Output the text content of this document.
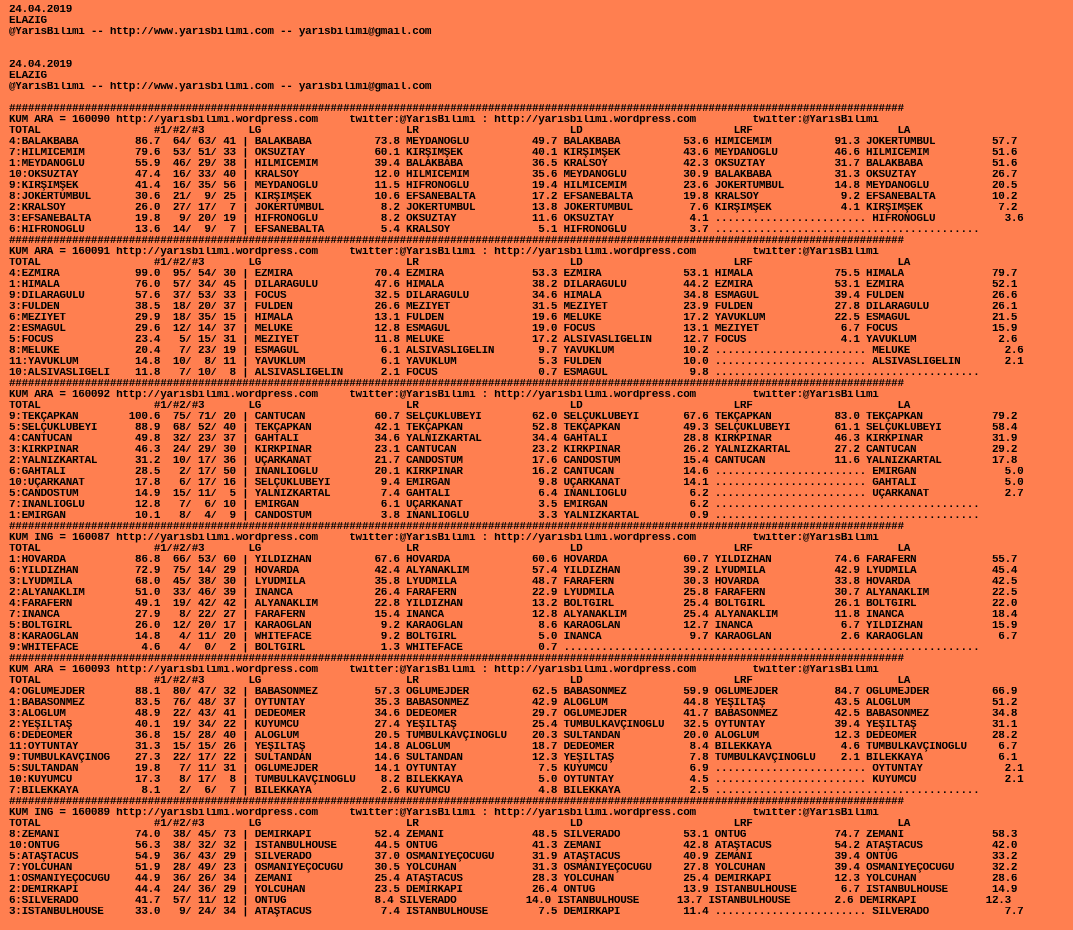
24.04.2019
ELAZIG
@YarisBilimi -- http://www.yarisbilimi.com -- yarisbilimi@gmail.com
24.04.2019
ELAZIG
@YarisBilimi -- http://www.yarisbilimi.com -- yarisbilimi@gmail.com
##############################################################################################################################################
KUM ARA = 160090 http://yarisbilimi.wordpress.com     twitter:@YarisBilimi : http://yarisbilimi.wordpress.com         twitter:@YarisBilimi
TOTAL                  #1/#2/#3       LG                       LR                        LD                        LRF                       LA
4:BALAKBABA         86.7  64/ 63/ 41 | BALAKBABA          73.8 MEYDANOĞLU          49.7 BALAKBABA          53.6 HİMİCEMİM          91.3 JOKERTUMBUL         57.7
7:HİLMİCEMİM        79.6  53/ 51/ 33 | OKSÜZTAY           60.1 KIRŞIMŞEK           40.1 KIRŞIMŞEK          43.6 MEYDANOĞLU         46.6 HİLMİCEMİM          51.6
1:MEYDANOĞLU        55.9  46/ 29/ 38 | HİLMİCEMİM         39.4 BALAKBABA           36.5 KRALSOY            42.3 OKSÜZTAY           31.7 BALAKBABA           51.6
10:OKSÜZTAY         47.4  16/ 33/ 40 | KRALSOY            12.0 HİLMİCEMİM          35.6 MEYDANOĞLU         30.9 BALAKBABA          31.3 OKSÜZTAY            26.7
9:KIRŞIMŞEK         41.4  16/ 35/ 56 | MEYDANOĞLU         11.5 HİFRONOĞLU          19.4 HİLMİCEMİM         23.6 JOKERTUMBUL        14.8 MEYDANOĞLU          20.5
8:JOKERTUMBUL       30.6  21/  9/ 25 | KIRŞIMŞEK          10.6 EFSANEBALTA         17.2 EFSANEBALTA        19.8 KRALSOY             9.2 EFSANEBALTA         10.2
2:KRALSOY           26.0  27/ 17/  7 | JOKERTUMBUL         8.2 JOKERTUMBUL         13.8 JOKERTUMBUL         7.6 KIRŞIMŞEK           4.1 KIRŞIMŞEK            7.2
3:EFSANEBALTA       19.8   9/ 20/ 19 | HİFRONOĞLU          8.2 OKSÜZTAY            11.6 OKSÜZTAY            4.1 ........................ HİFRONOĞLU           3.6
6:HİFRONOĞLU        13.6  14/  9/  7 | EFSANEBALTA         5.4 KRALSOY              5.1 HİFRONOĞLU          3.7 ..........................................
##############################################################################################################################################
KUM ARA = 160091 http://yarisbilimi.wordpress.com     twitter:@YarisBilimi : http://yarisbilimi.wordpress.com         twitter:@YarisBilimi
TOTAL                  #1/#2/#3       LG                       LR                        LD                        LRF                       LA
4:EZMİRA            99.0  95/ 54/ 30 | EZMİRA             70.4 EZMİRA              53.3 EZMİRA             53.1 HİMALA             75.5 HİMALA              79.7
1:HİMALA            76.0  57/ 34/ 45 | DİLARAGÜLÜ         47.6 HİMALA              38.2 DİLARAGÜLÜ         44.2 EZMİRA             53.1 EZMİRA              52.1
9:DİLARAGÜLÜ        57.6  37/ 53/ 33 | FOCUS              32.5 DİLARAGÜLÜ          34.6 HİMALA             34.8 ESMAGUL            39.4 FULDEN              26.6
3:FULDEN            38.5  18/ 20/ 37 | FULDEN             26.6 MEZİYET             31.5 MEZİYET            23.9 FULDEN             27.8 DİLARAGÜLÜ          26.1
6:MEZİYET           29.9  18/ 35/ 15 | HİMALA             13.1 FULDEN              19.6 MELUKE             17.2 YAVUKLUM           22.5 ESMAGUL             21.5
2:ESMAGUL           29.6  12/ 14/ 37 | MELUKE             12.8 ESMAGUL             19.0 FOCUS              13.1 MEZİYET             6.7 FOCUS               15.9
5:FOCUS             23.4   5/ 15/ 31 | MEZİYET            11.8 MELUKE              17.2 ALSIVASLIGELİN     12.7 FOCUS               4.1 YAVUKLUM             2.6
8:MELUKE            20.4   7/ 23/ 19 | ESMAGUL             6.1 ALSIVASLIGELİN       9.7 YAVUKLUM           10.2 ........................ MELUKE               2.6
11:YAVUKLUM         14.8  10/  8/ 11 | YAVUKLUM            6.1 YAVUKLUM             5.3 FULDEN             10.0 ........................ ALSIVASLIGELİN       2.1
10:ALSIVASLIGELİ    11.8   7/ 10/  8 | ALSIVASLIGELİN      2.1 FOCUS                0.7 ESMAGUL             9.8 ..........................................
##############################################################################################################################################
KUM ARA = 160092 http://yarisbilimi.wordpress.com     twitter:@YarisBilimi : http://yarisbilimi.wordpress.com         twitter:@YarisBilimi
TOTAL                  #1/#2/#3       LG                       LR                        LD                        LRF                       LA
9:TEKÇAPKAN        100.6  75/ 71/ 20 | CANTUCAN           60.7 SELÇUKLUBEYİ        62.0 SELÇUKLUBEYİ       67.6 TEKÇAPKAN          83.0 TEKÇAPKAN           79.2
5:SELÇUKLUBEYİ      88.9  68/ 52/ 40 | TEKÇAPKAN          42.1 TEKÇAPKAN           52.8 TEKÇAPKAN          49.3 SELÇUKLUBEYİ       61.1 SELÇUKLUBEYİ        58.4
4:CANTUCAN          49.8  32/ 23/ 37 | GAHTALI            34.6 YALNIZKARTAL        34.4 GAHTALI            28.8 KIRKPINAR          46.3 KIRKPINAR           31.9
3:KIRKPINAR         46.3  24/ 29/ 30 | KIRKPINAR          23.1 CANTUCAN            23.2 KIRKPINAR          26.2 YALNIZKARTAL       27.2 CANTUCAN            29.2
2:YALNIZKARTAL      31.2  10/ 17/ 36 | UÇARKANAT          21.7 CANDOSTUM           17.6 CANDOSTUM          15.4 CANTUCAN           11.6 YALNIZKARTAL        17.8
6:GAHTALI           28.5   2/ 17/ 50 | İNANLIOĞLU         20.1 KIRKPINAR           16.2 CANTUCAN           14.6 ........................ EMİRGAN              5.0
10:UÇARKANAT        17.8   6/ 17/ 16 | SELÇUKLUBEYİ        9.4 EMİRGAN              9.8 UÇARKANAT          14.1 ........................ GAHTALI              5.0
5:CANDOSTUM         14.9  15/ 11/  5 | YALNIZKARTAL        7.4 GAHTALI              6.4 İNANLIOĞLU          6.2 ........................ UÇARKANAT            2.7
7:İNANLIOĞLU        12.8   7/  6/ 10 | EMİRGAN             6.1 UÇARKANAT            3.5 EMİRGAN             6.2 ..........................................
1:EMİRGAN           10.1   8/  4/  9 | CANDOSTUM           3.8 İNANLIOĞLU           3.3 YALNIZKARTAL        0.9 ..........................................
##############################################################################################################################################
KUM ING = 160087 http://yarisbilimi.wordpress.com     twitter:@YarisBilimi : http://yarisbilimi.wordpress.com         twitter:@YarisBilimi
TOTAL                  #1/#2/#3       LG                       LR                        LD                        LRF                       LA
1:HOVARDA           86.8  66/ 53/ 60 | YILDIZHAN          67.6 HOVARDA             60.6 HOVARDA            60.7 YILDIZHAN          74.6 FARAFERN            55.7
6:YILDIZHAN         72.9  75/ 14/ 29 | HOVARDA            42.4 ALYANAKLIM          57.4 YILDIZHAN          39.2 LYUDMILA           42.9 LYUDMILA            45.4
3:LYUDMILA          68.0  45/ 38/ 30 | LYUDMILA           35.8 LYUDMILA            48.7 FARAFERN           30.3 HOVARDA            33.8 HOVARDA             42.5
2:ALYANAKLIM        51.0  33/ 46/ 39 | İNANCA             26.4 FARAFERN            22.9 LYUDMILA           25.8 FARAFERN           30.7 ALYANAKLIM          22.5
4:FARAFERN          49.1  19/ 42/ 42 | ALYANAKLIM         22.8 YILDIZHAN           13.2 BOLTGIRL           25.4 BOLTGIRL           26.1 BOLTGIRL            22.0
7:İNANCA            27.9   8/ 22/ 27 | FARAFERN           15.4 İNANCA              12.8 ALYANAKLIM         25.4 ALYANAKLIM         11.8 İNANCA              18.4
5:BOLTGIRL          26.0  12/ 20/ 17 | KARAOĞLAN           9.2 KARAOĞLAN            8.6 KARAOĞLAN          12.7 İNANCA              6.7 YILDIZHAN           15.9
8:KARAOĞLAN         14.8   4/ 11/ 20 | WHITEFACE           9.2 BOLTGIRL             5.0 İNANCA              9.7 KARAOĞLAN           2.6 KARAOĞLAN            6.7
9:WHITEFACE          4.6   4/  0/  2 | BOLTGIRL            1.3 WHITEFACE            0.7 ..................................................................
##############################################################################################################################################
KUM ARA = 160093 http://yarisbilimi.wordpress.com     twitter:@YarisBilimi : http://yarisbilimi.wordpress.com         twitter:@YarisBilimi
TOTAL                  #1/#2/#3       LG                       LR                        LD                        LRF                       LA
4:OĞLUMEJDER        88.1  80/ 47/ 32 | BABASÖNMEZ         57.3 OĞLUMEJDER          62.5 BABASÖNMEZ         59.9 OĞLUMEJDER         84.7 OĞLUMEJDER          66.9
1:BABASÖNMEZ        83.5  76/ 48/ 37 | OYTUNTAY           35.3 BABASÖNMEZ          42.9 ALOGLUM            44.8 YEŞİLTAŞ           43.5 ALOGLUM             51.2
3:ALOGLUM           48.9  22/ 43/ 41 | DEDEÖMER           34.6 DEDEÖMER            29.7 OĞLUMEJDER         41.7 BABASÖNMEZ         42.5 BABASÖNMEZ          34.8
2:YEŞİLTAŞ          40.1  19/ 34/ 22 | KUYUMCU            27.4 YEŞİLTAŞ            25.4 TUMBULKAVÇİNOĞLU   32.5 OYTUNTAY           39.4 YEŞİLTAŞ            31.1
6:DEDEÖMER          36.8  15/ 28/ 40 | ALOGLUM            20.5 TUMBULKAVÇİNOĞLU    20.3 SULTANDAN          20.0 ALOGLUM            12.3 DEDEÖMER            28.2
11:OYTUNTAY         31.3  15/ 15/ 26 | YEŞİLTAŞ           14.8 ALOGLUM             18.7 DEDEÖMER            8.4 BİLEKKAYA           4.6 TUMBULKAVÇİNOĞLU     6.7
9:TUMBULKAVÇİNOĞ    27.3  22/ 17/ 22 | SULTANDAN          14.6 SULTANDAN           12.3 YEŞİLTAŞ            7.8 TUMBULKAVÇİNOĞLU    2.1 BİLEKKAYA            6.1
5:SULTANDAN         19.8   7/ 11/ 31 | OĞLUMEJDER         14.1 OYTUNTAY             7.5 KUYUMCU             6.9 ........................ OYTUNTAY             2.1
10:KUYUMCU          17.3   8/ 17/  8 | TUMBULKAVÇİNOĞLU    8.2 BİLEKKAYA            5.0 OYTUNTAY            4.5 ........................ KUYUMCU              2.1
7:BİLEKKAYA          8.1   2/  6/  7 | BİLEKKAYA           2.6 KUYUMCU              4.8 BİLEKKAYA           2.5 ..........................................
##############################################################################################################################################
KUM ING = 160089 http://yarisbilimi.wordpress.com     twitter:@YarisBilimi : http://yarisbilimi.wordpress.com         twitter:@YarisBilimi
TOTAL                  #1/#2/#3       LG                       LR                        LD                        LRF                       LA
8:ZEMANİ            74.0  38/ 45/ 73 | DEMİRKAPI          52.4 ZEMANİ              48.5 SILVERADO          53.1 ONTUĞ              74.7 ZEMANİ              58.3
10:ONTUĞ            56.3  38/ 32/ 32 | İSTANBULHOUSE      44.5 ONTUĞ               41.3 ZEMANİ             42.8 ATAŞTACUS          54.2 ATAŞTACUS           42.0
5:ATAŞTACUS         54.9  36/ 43/ 29 | SILVERADO          37.0 OSMANİYEÇOCUĞU      31.9 ATAŞTACUS          40.9 ZEMANİ             39.4 ONTUĞ               33.2
7:YOLCUHAN          51.9  28/ 49/ 23 | OSMANİYEÇOCUĞU     30.5 YOLCUHAN            31.3 OSMANİYEÇOCUĞU     27.8 YOLCUHAN           39.4 OSMANİYEÇOCUĞU      32.2
1:OSMANİYEÇOCUĞU    44.9  36/ 26/ 34 | ZEMANİ             25.4 ATAŞTACUS           28.3 YOLCUHAN           25.4 DEMİRKAPI          12.3 YOLCUHAN            28.6
2:DEMİRKAPI         44.4  24/ 36/ 29 | YOLCUHAN           23.5 DEMİRKAPI           26.4 ONTUĞ              13.9 İSTANBULHOUSE       6.7 İSTANBULHOUSE       14.9
6:SILVERADO         41.7  57/ 11/ 12 | ONTUĞ              8.4 SILVERADO           14.0 İSTANBULHOUSE      13.7 İSTANBULHOUSE       2.6 DEMİRKAPI           12.3
3:İSTANBULHOUSE     33.0   9/ 24/ 34 | ATAŞTACUS           7.4 İSTANBULHOUSE        7.5 DEMİRKAPI          11.4 ........................ SILVERADO            7.7
